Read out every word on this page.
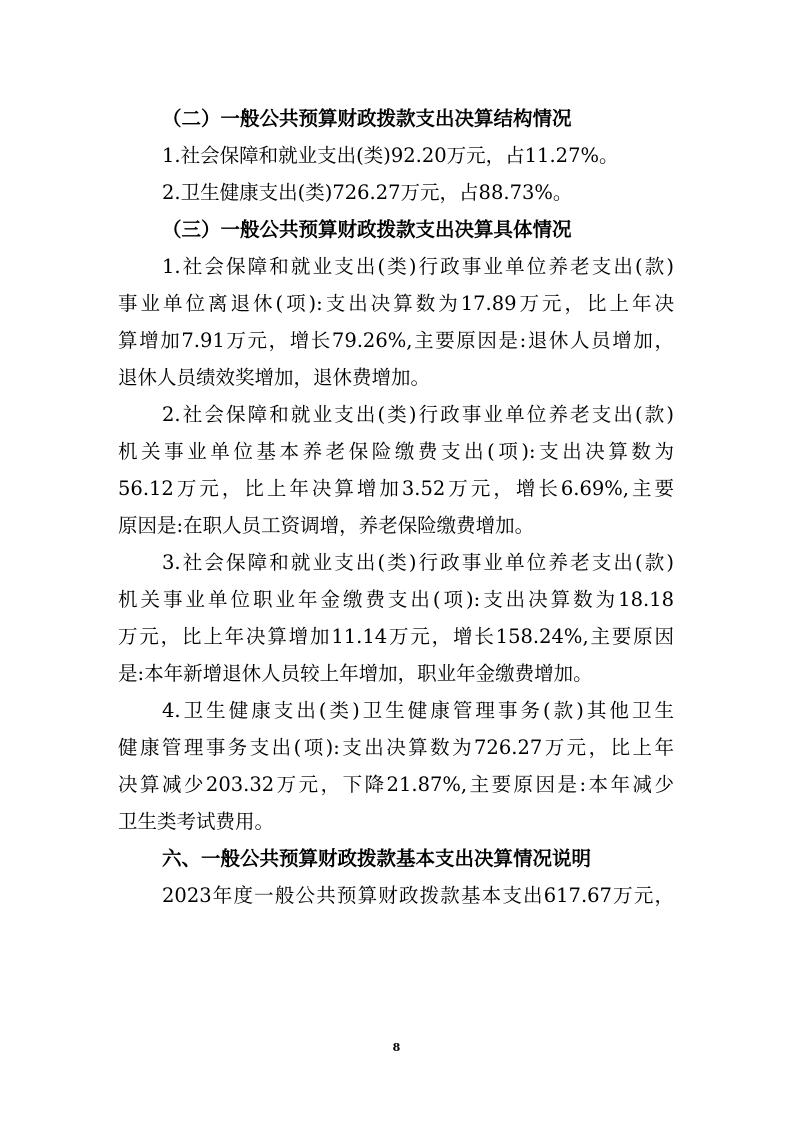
（二）一般公共预算财政拨款支出决算结构情况

1.社会保障和就业支出(类)92.20万元，占11.27%。

2.卫生健康支出(类)726.27万元，占88.73%。

（三）一般公共预算财政拨款支出决算具体情况

1.社会保障和就业支出(类)行政事业单位养老支出(款)

事业单位离退休(项):支出决算数为17.89万元，比上年决

算增加7.91万元，增长79.26%,主要原因是:退休人员增加，

退休人员绩效奖增加，退休费增加。

2.社会保障和就业支出(类)行政事业单位养老支出(款)

机关事业单位基本养老保险缴费支出(项):支出决算数为

56.12万元，比上年决算增加3.52万元，增长6.69%,主要

原因是:在职人员工资调增，养老保险缴费增加。

3.社会保障和就业支出(类)行政事业单位养老支出(款)

机关事业单位职业年金缴费支出(项):支出决算数为18.18

万元，比上年决算增加11.14万元，增长158.24%,主要原因

是:本年新增退休人员较上年增加，职业年金缴费增加。

4.卫生健康支出(类)卫生健康管理事务(款)其他卫生

健康管理事务支出(项):支出决算数为726.27万元，比上年

决算减少203.32万元，下降21.87%,主要原因是:本年减少

卫生类考试费用。

六、一般公共预算财政拨款基本支出决算情况说明

2023年度一般公共预算财政拨款基本支出617.67万元，

8
